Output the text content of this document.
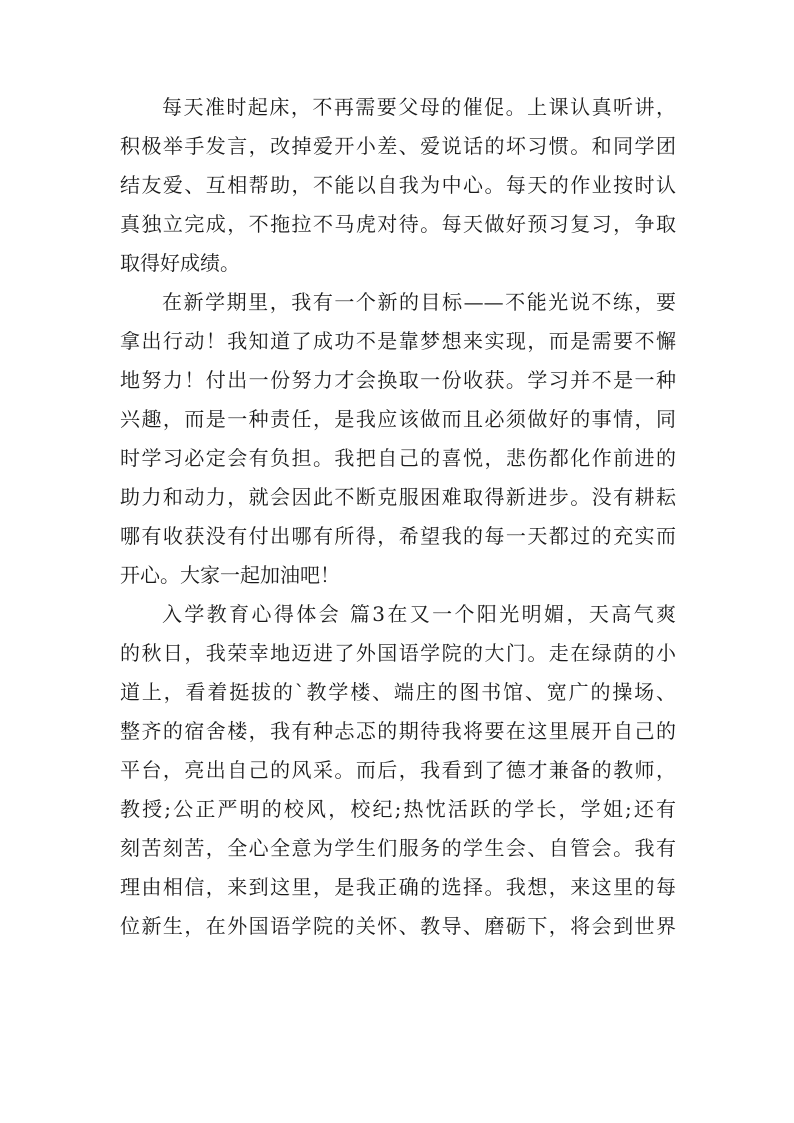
每天准时起床，不再需要父母的催促。上课认真听讲，
积极举手发言，改掉爱开小差、爱说话的坏习惯。和同学团
结友爱、互相帮助，不能以自我为中心。每天的作业按时认
真独立完成，不拖拉不马虎对待。每天做好预习复习，争取
取得好成绩。
在新学期里，我有一个新的目标——不能光说不练，要
拿出行动！我知道了成功不是靠梦想来实现，而是需要不懈
地努力！付出一份努力才会换取一份收获。学习并不是一种
兴趣，而是一种责任，是我应该做而且必须做好的事情，同
时学习必定会有负担。我把自己的喜悦，悲伤都化作前进的
助力和动力，就会因此不断克服困难取得新进步。没有耕耘
哪有收获没有付出哪有所得，希望我的每一天都过的充实而
开心。大家一起加油吧！
入学教育心得体会 篇3在又一个阳光明媚，天高气爽
的秋日，我荣幸地迈进了外国语学院的大门。走在绿荫的小
道上，看着挺拔的`教学楼、端庄的图书馆、宽广的操场、
整齐的宿舍楼，我有种忐忑的期待我将要在这里展开自己的
平台，亮出自己的风采。而后，我看到了德才兼备的教师，
教授;公正严明的校风，校纪;热忱活跃的学长，学姐;还有
刻苦刻苦，全心全意为学生们服务的学生会、自管会。我有
理由相信，来到这里，是我正确的选择。我想，来这里的每
位新生，在外国语学院的关怀、教导、磨砺下，将会到世界
